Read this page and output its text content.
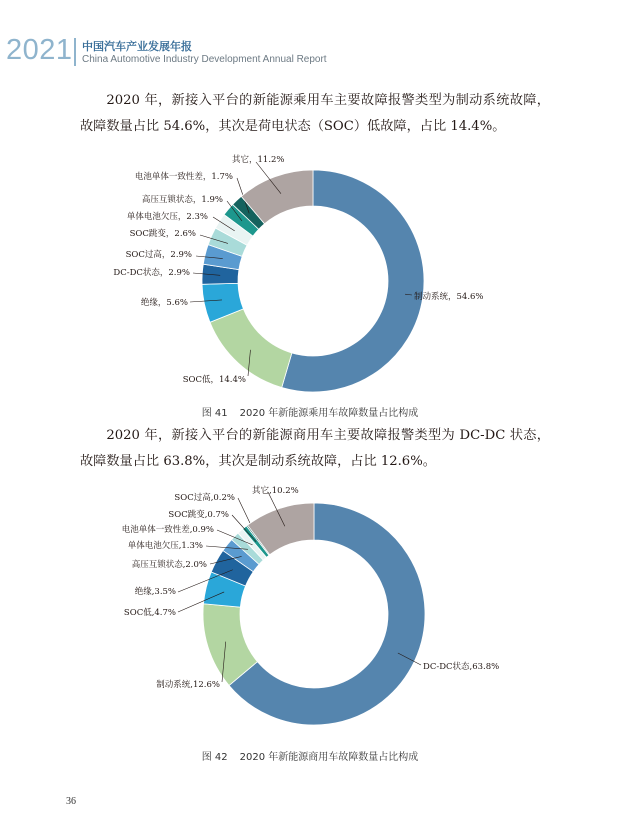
2021 中国汽车产业发展年报
China Automotive Industry Development Annual Report
2020 年，新接入平台的新能源乘用车主要故障报警类型为制动系统故障，故障数量占比 54.6%，其次是荷电状态（SOC）低故障，占比 14.4%。
制动系统，54.6%
SOC低，14.4%
绝缘，5.6%
DC-DC状态，2.9%
SOC过高，2.9%
SOC跳变，2.6%
单体电池欠压，2.3%
高压互锁状态，1.9%
电池单体一致性差，1.7%
其它，11.2%
图 41 2020 年新能源乘用车故障数量占比构成
2020 年，新接入平台的新能源商用车主要故障报警类型为 DC-DC 状态，故障数量占比 63.8%，其次是制动系统故障，占比 12.6%。
DC-DC状态,63.8%
制动系统,12.6%
SOC低,4.7%
绝缘,3.5%
高压互锁状态,2.0%
单体电池欠压,1.3%
电池单体一致性差,0.9%
SOC跳变,0.7%
SOC过高,0.2%
其它,10.2%
图 42 2020 年新能源商用车故障数量占比构成
36
